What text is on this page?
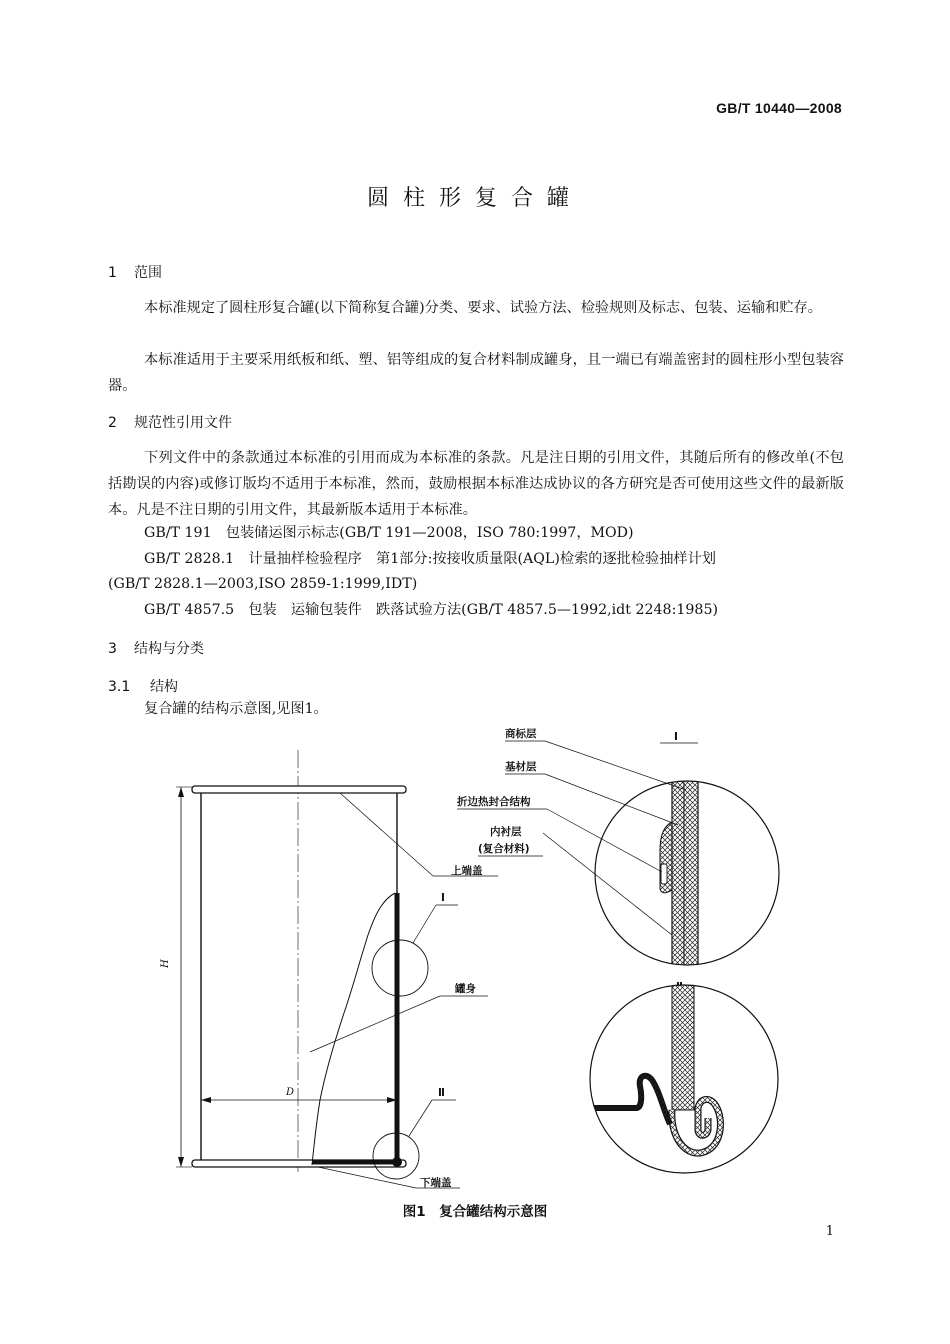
GB/T 10440—2008
圆柱形复合罐
1 范围
本标准规定了圆柱形复合罐(以下简称复合罐)分类、要求、试验方法、检验规则及标志、包装、运输和贮存。
本标准适用于主要采用纸板和纸、塑、铝等组成的复合材料制成罐身，且一端已有端盖密封的圆柱形小型包装容器。
2 规范性引用文件
下列文件中的条款通过本标准的引用而成为本标准的条款。凡是注日期的引用文件，其随后所有的修改单(不包括勘误的内容)或修订版均不适用于本标准，然而，鼓励根据本标准达成协议的各方研究是否可使用这些文件的最新版本。凡是不注日期的引用文件，其最新版本适用于本标准。
GB/T 191　包装储运图示标志(GB/T 191—2008，ISO 780:1997，MOD)
GB/T 2828.1　计量抽样检验程序　第1部分:按接收质量限(AQL)检索的逐批检验抽样计划
(GB/T 2828.1—2003,ISO 2859-1:1999,IDT)
GB/T 4857.5　包装　运输包装件　跌落试验方法(GB/T 4857.5—1992,idt 2248:1985)
3 结构与分类
3.1 结构
复合罐的结构示意图,见图1。
H
D
上端盖
Ⅰ
罐身
Ⅱ
下端盖
Ⅰ
商标层
基材层
折边热封合结构
内衬层
(复合材料)
图1　复合罐结构示意图
1
